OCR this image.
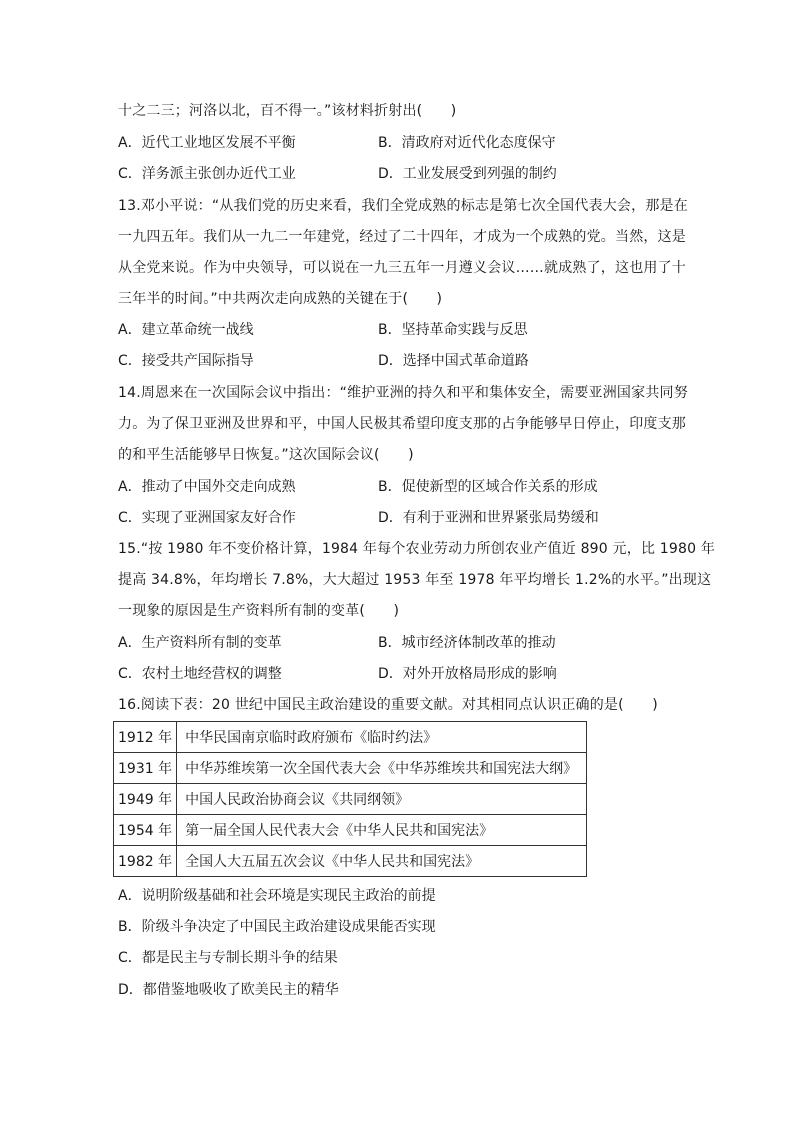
十之二三；河洛以北，百不得一。”该材料折射出(　　)
A．近代工业地区发展不平衡	B．清政府对近代化态度保守
C．洋务派主张创办近代工业	D．工业发展受到列强的制约
13.邓小平说：“从我们党的历史来看，我们全党成熟的标志是第七次全国代表大会，那是在
一九四五年。我们从一九二一年建党，经过了二十四年，才成为一个成熟的党。当然，这是
从全党来说。作为中央领导，可以说在一九三五年一月遵义会议……就成熟了，这也用了十
三年半的时间。”中共两次走向成熟的关键在于(　　)
A．建立革命统一战线	B．坚持革命实践与反思
C．接受共产国际指导	D．选择中国式革命道路
14.周恩来在一次国际会议中指出：“维护亚洲的持久和平和集体安全，需要亚洲国家共同努
力。为了保卫亚洲及世界和平，中国人民极其希望印度支那的占争能够早日停止，印度支那
的和平生活能够早日恢复。”这次国际会议(　　)
A．推动了中国外交走向成熟	B．促使新型的区域合作关系的形成
C．实现了亚洲国家友好合作	D．有利于亚洲和世界紧张局势缓和
15.“按 1980 年不变价格计算，1984 年每个农业劳动力所创农业产值近 890 元，比 1980 年
提高 34.8%，年均增长 7.8%，大大超过 1953 年至 1978 年平均增长 1.2%的水平。”出现这
一现象的原因是生产资料所有制的变革(　　)
A．生产资料所有制的变革	B．城市经济体制改革的推动
C．农村土地经营权的调整	D．对外开放格局形成的影响
16.阅读下表：20 世纪中国民主政治建设的重要文献。对其相同点认识正确的是(　　)
1912 年	中华民国南京临时政府颁布《临时约法》
1931 年	中华苏维埃第一次全国代表大会《中华苏维埃共和国宪法大纲》
1949 年	中国人民政治协商会议《共同纲领》
1954 年	第一届全国人民代表大会《中华人民共和国宪法》
1982 年	全国人大五届五次会议《中华人民共和国宪法》
A．说明阶级基础和社会环境是实现民主政治的前提
B．阶级斗争决定了中国民主政治建设成果能否实现
C．都是民主与专制长期斗争的结果
D．都借鉴地吸收了欧美民主的精华
